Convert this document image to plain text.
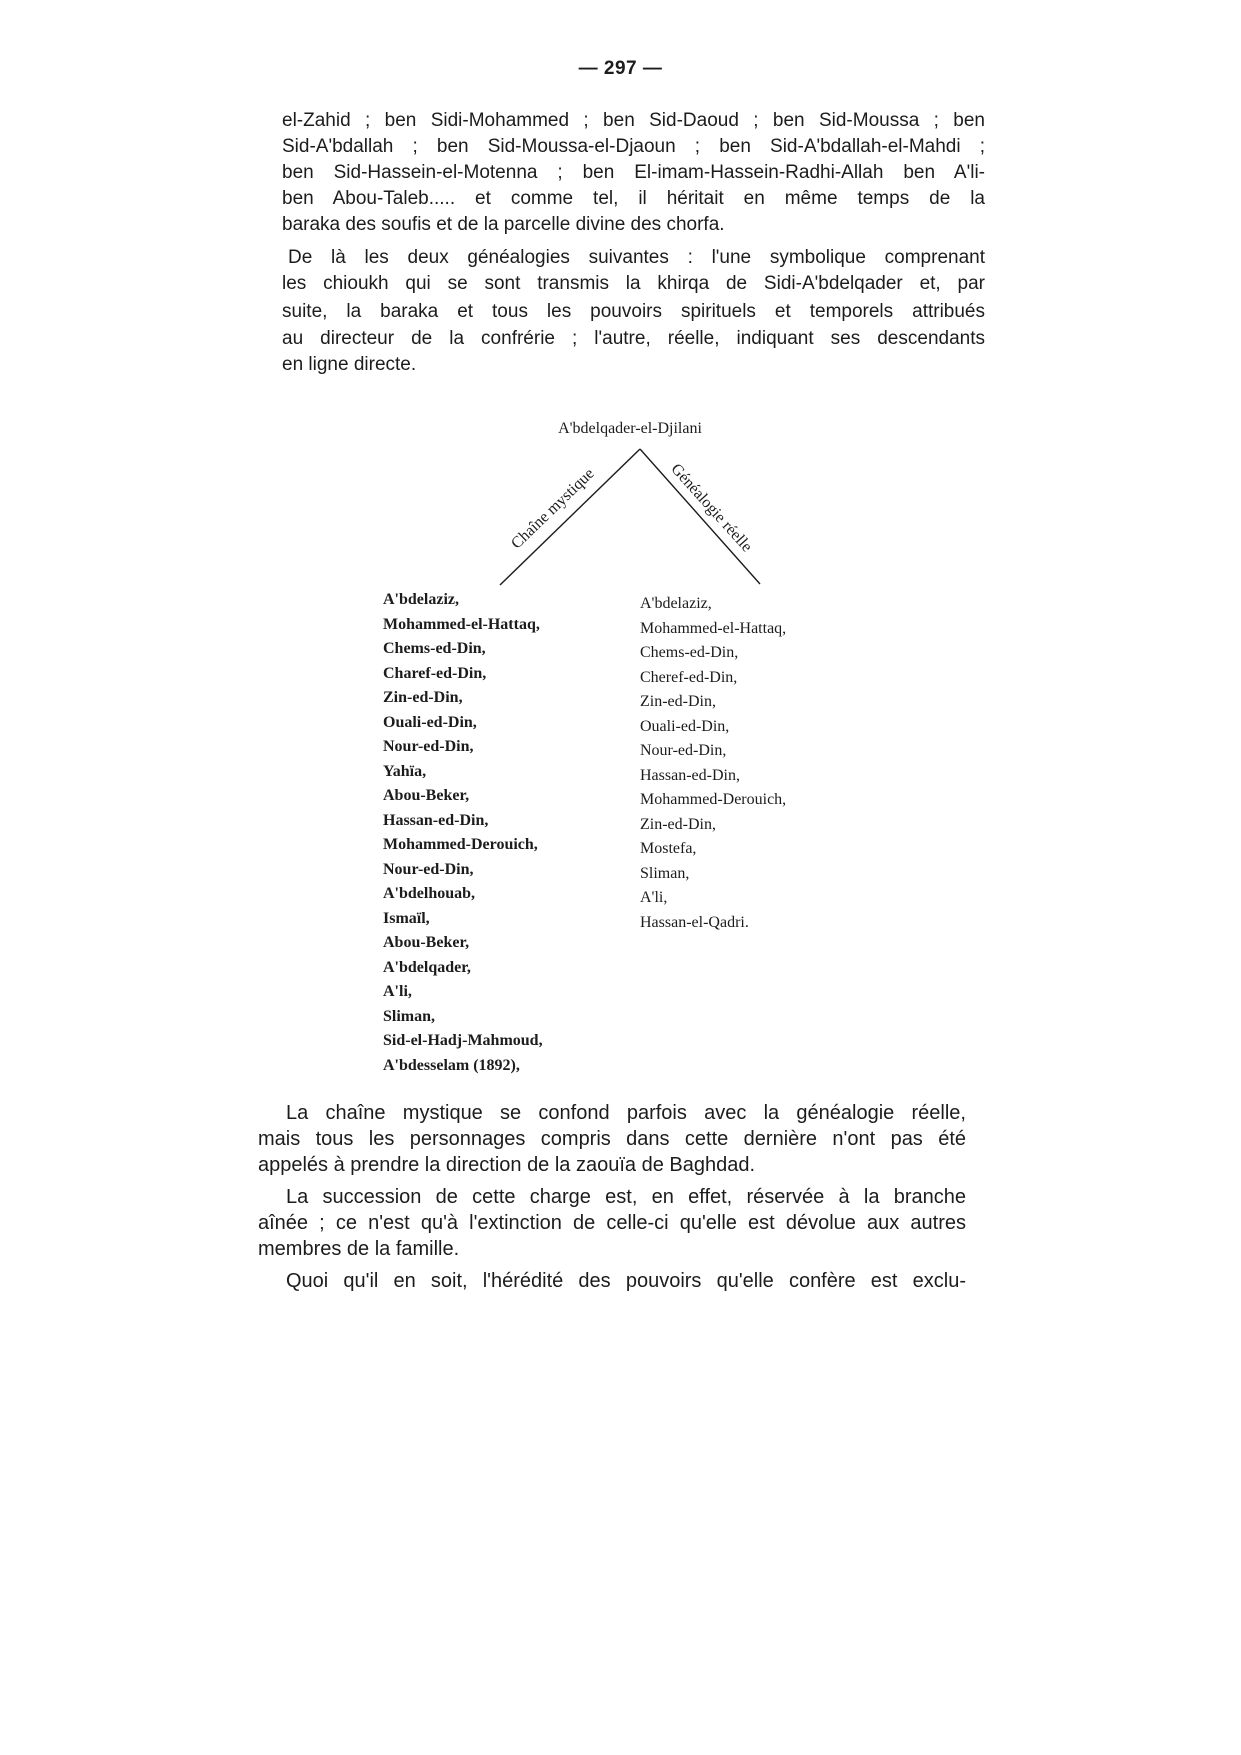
— 297 —

el-Zahid ; ben Sidi-Mohammed ; ben Sid-Daoud ; ben Sid-Moussa ; ben

Sid-A'bdallah ; ben Sid-Moussa-el-Djaoun ; ben Sid-A'bdallah-el-Mahdi ;

ben Sid-Hassein-el-Motenna ; ben El-imam-Hassein-Radhi-Allah ben A'li-

ben Abou-Taleb..... et comme tel, il héritait en même temps de la

baraka des soufis et de la parcelle divine des chorfa.

De là les deux généalogies suivantes : l'une symbolique comprenant

les chioukh qui se sont transmis la khirqa de Sidi-A'bdelqader et, par

suite, la baraka et tous les pouvoirs spirituels et temporels attribués

au directeur de la confrérie ; l'autre, réelle, indiquant ses descendants

en ligne directe.

A'bdelqader-el-Djilani
Chaîne mystique	Généalogie réelle
A'bdelaziz,
Mohammed-el-Hattaq,
Chems-ed-Din,
Charef-ed-Din,
Zin-ed-Din,
Ouali-ed-Din,
Nour-ed-Din,
Yahïa,
Abou-Beker,
Hassan-ed-Din,
Mohammed-Derouich,
Nour-ed-Din,
A'bdelhouab,
Ismaïl,
Abou-Beker,
A'bdelqader,
A'li,
Sliman,
Sid-el-Hadj-Mahmoud,
A'bdesselam (1892),
A'bdelaziz,
Mohammed-el-Hattaq,
Chems-ed-Din,
Cheref-ed-Din,
Zin-ed-Din,
Ouali-ed-Din,
Nour-ed-Din,
Hassan-ed-Din,
Mohammed-Derouich,
Zin-ed-Din,
Mostefa,
Sliman,
A'li,
Hassan-el-Qadri.

La chaîne mystique se confond parfois avec la généalogie réelle,

mais tous les personnages compris dans cette dernière n'ont pas été

appelés à prendre la direction de la zaouïa de Baghdad.

La succession de cette charge est, en effet, réservée à la branche

aînée ; ce n'est qu'à l'extinction de celle-ci qu'elle est dévolue aux autres

membres de la famille.

Quoi qu'il en soit, l'hérédité des pouvoirs qu'elle confère est exclu-
